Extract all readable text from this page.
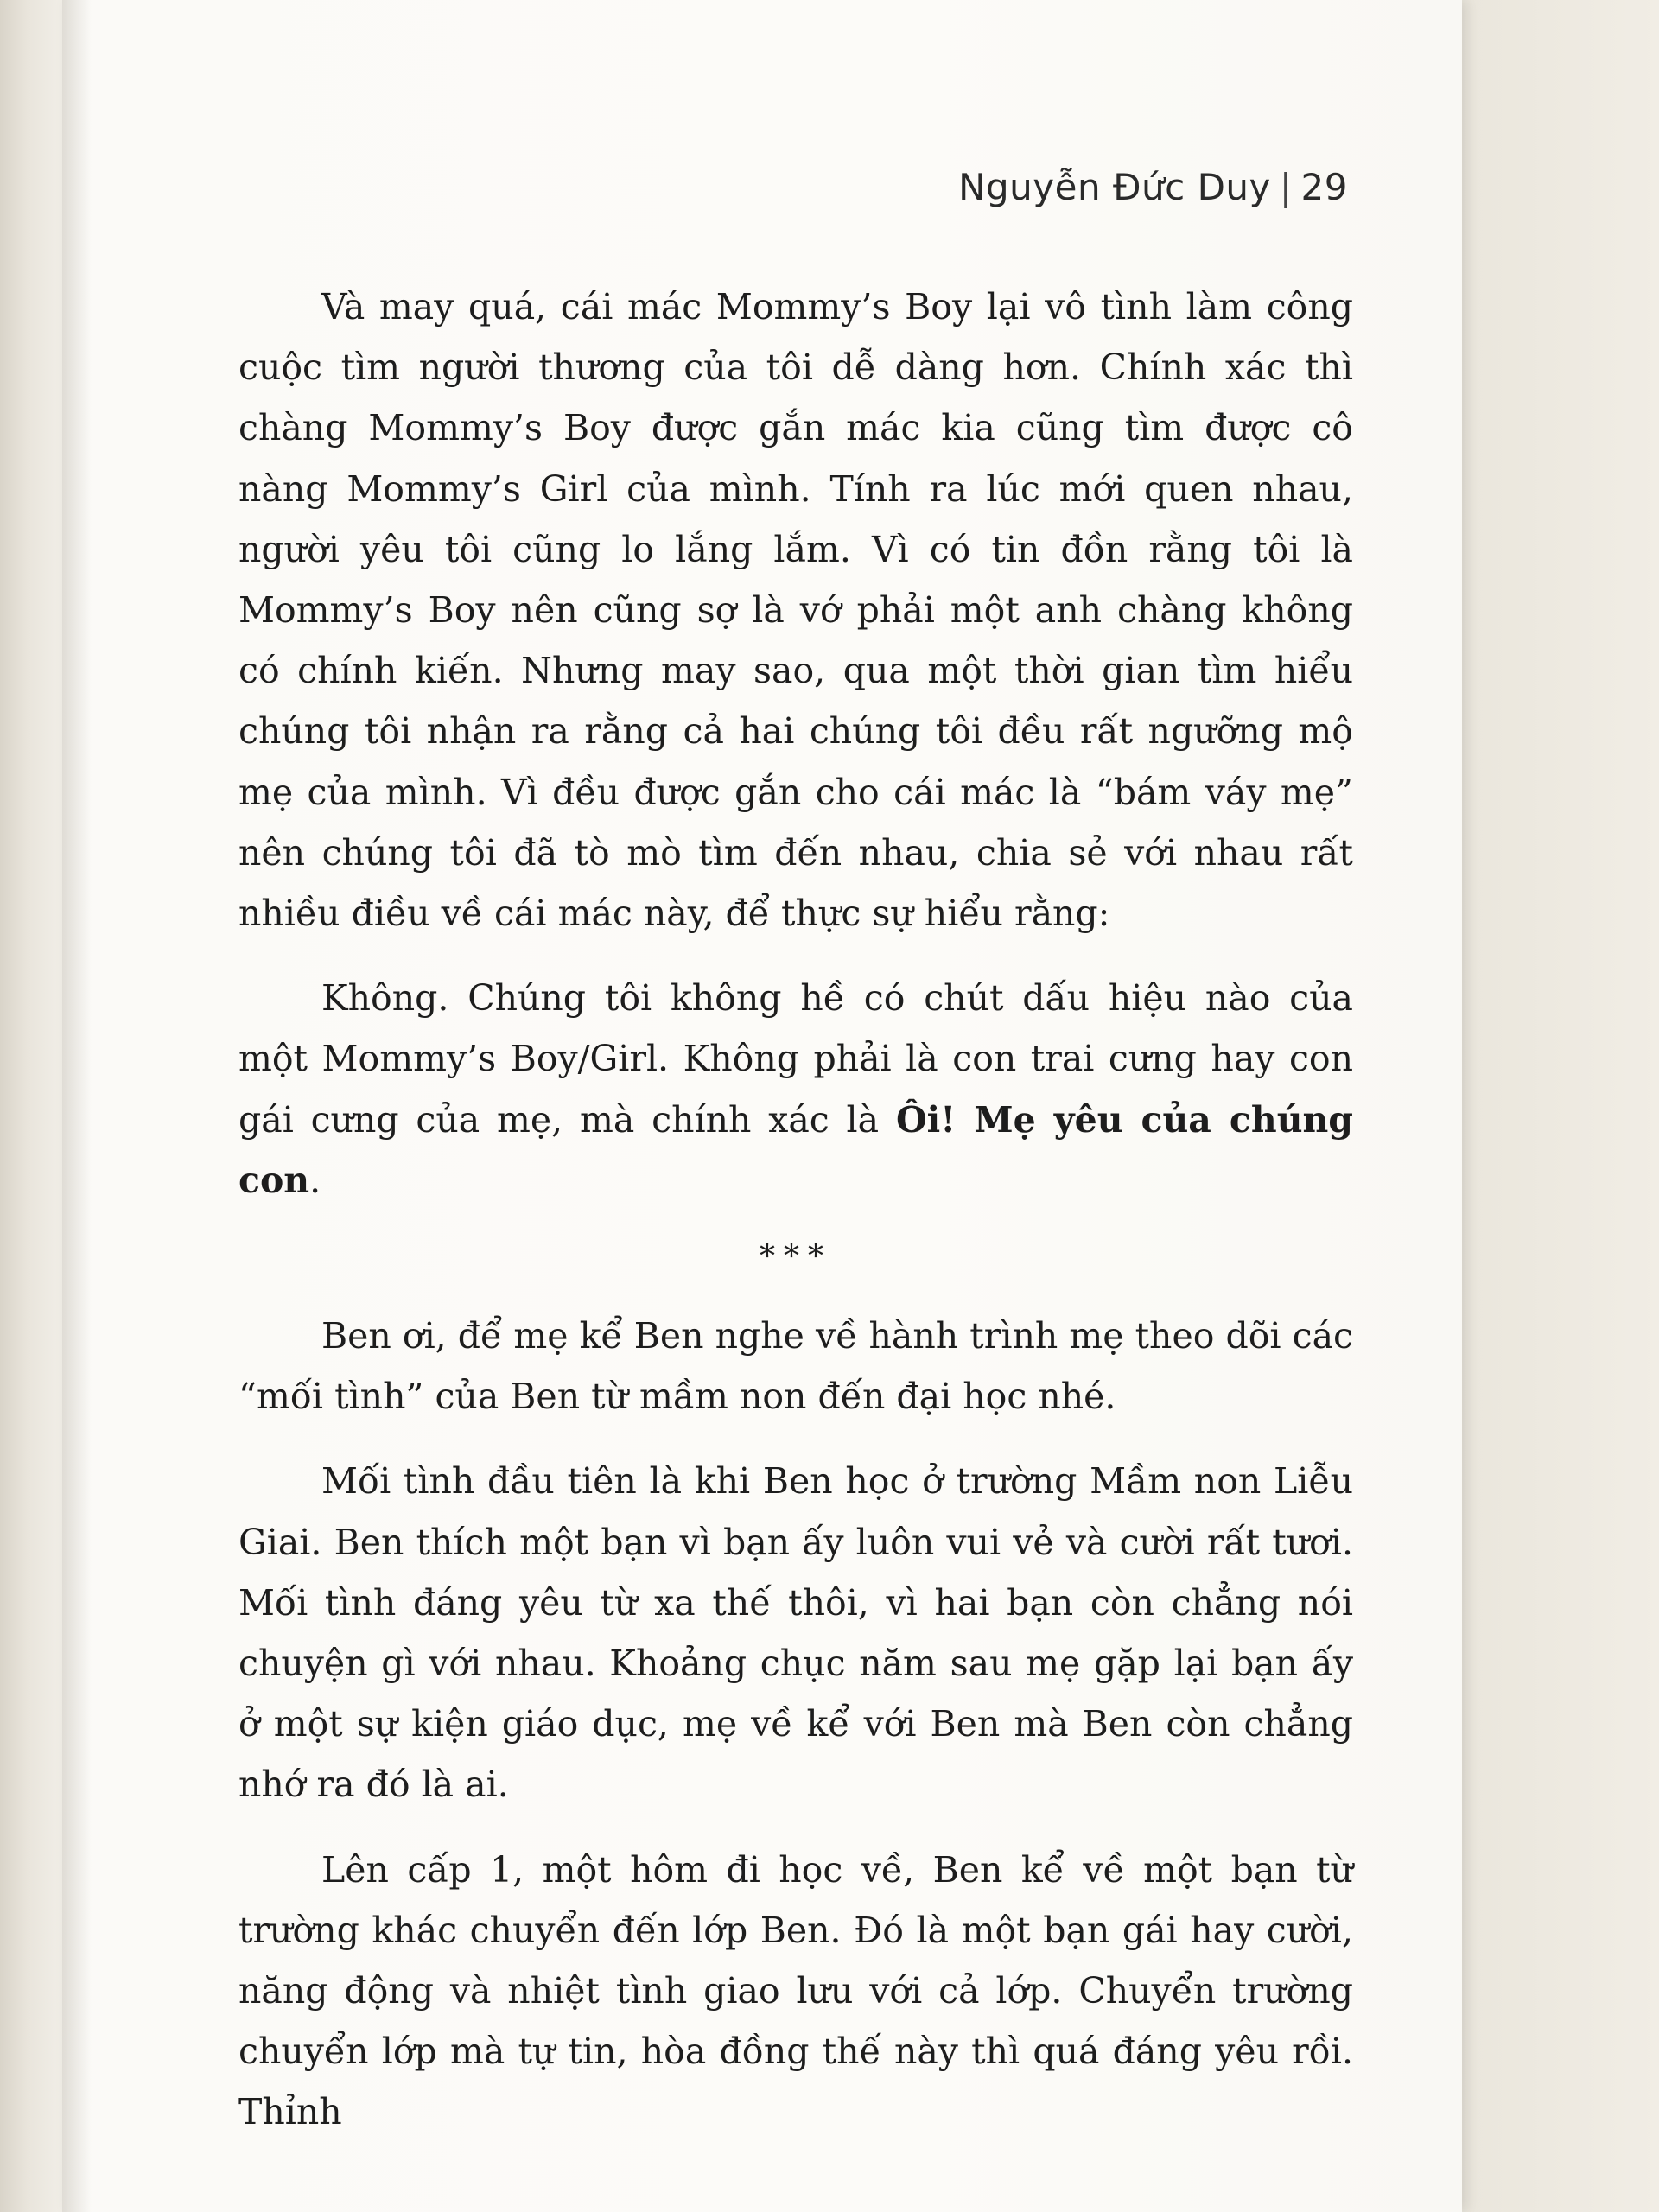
Nguyễn Đức Duy | 29

Và may quá, cái mác Mommy’s Boy lại vô tình làm công cuộc tìm người thương của tôi dễ dàng hơn. Chính xác thì chàng Mommy’s Boy được gắn mác kia cũng tìm được cô nàng Mommy’s Girl của mình. Tính ra lúc mới quen nhau, người yêu tôi cũng lo lắng lắm. Vì có tin đồn rằng tôi là Mommy’s Boy nên cũng sợ là vớ phải một anh chàng không có chính kiến. Nhưng may sao, qua một thời gian tìm hiểu chúng tôi nhận ra rằng cả hai chúng tôi đều rất ngưỡng mộ mẹ của mình. Vì đều được gắn cho cái mác là “bám váy mẹ” nên chúng tôi đã tò mò tìm đến nhau, chia sẻ với nhau rất nhiều điều về cái mác này, để thực sự hiểu rằng:

Không. Chúng tôi không hề có chút dấu hiệu nào của một Mommy’s Boy/Girl. Không phải là con trai cưng hay con gái cưng của mẹ, mà chính xác là Ôi! Mẹ yêu của chúng con.

***

Ben ơi, để mẹ kể Ben nghe về hành trình mẹ theo dõi các “mối tình” của Ben từ mầm non đến đại học nhé.

Mối tình đầu tiên là khi Ben học ở trường Mầm non Liễu Giai. Ben thích một bạn vì bạn ấy luôn vui vẻ và cười rất tươi. Mối tình đáng yêu từ xa thế thôi, vì hai bạn còn chẳng nói chuyện gì với nhau. Khoảng chục năm sau mẹ gặp lại bạn ấy ở một sự kiện giáo dục, mẹ về kể với Ben mà Ben còn chẳng nhớ ra đó là ai.

Lên cấp 1, một hôm đi học về, Ben kể về một bạn từ trường khác chuyển đến lớp Ben. Đó là một bạn gái hay cười, năng động và nhiệt tình giao lưu với cả lớp. Chuyển trường chuyển lớp mà tự tin, hòa đồng thế này thì quá đáng yêu rồi. Thỉnh
